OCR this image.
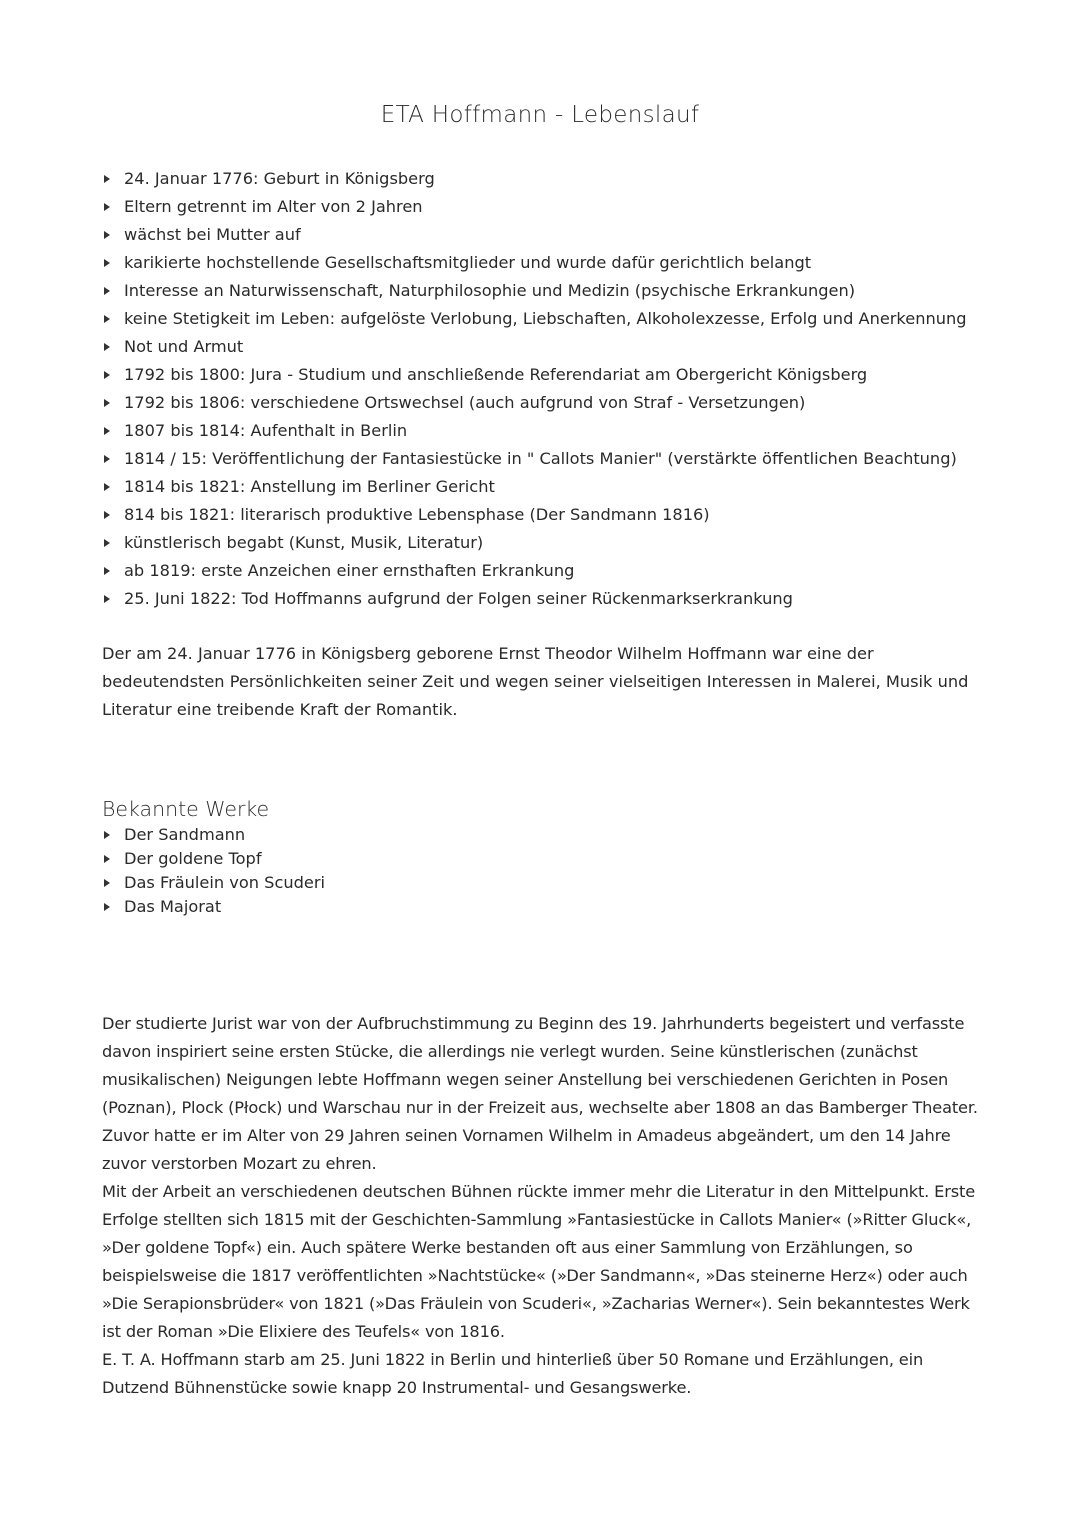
ETA Hoffmann - Lebenslauf
24. Januar 1776: Geburt in Königsberg
Eltern getrennt im Alter von 2 Jahren
wächst bei Mutter auf
karikierte hochstellende Gesellschaftsmitglieder und wurde dafür gerichtlich belangt
Interesse an Naturwissenschaft, Naturphilosophie und Medizin (psychische Erkrankungen)
keine Stetigkeit im Leben: aufgelöste Verlobung, Liebschaften, Alkoholexzesse, Erfolg und Anerkennung
Not und Armut
1792 bis 1800: Jura - Studium und anschließende Referendariat am Obergericht Königsberg
1792 bis 1806: verschiedene Ortswechsel (auch aufgrund von Straf - Versetzungen)
1807 bis 1814: Aufenthalt in Berlin
1814 / 15: Veröffentlichung der Fantasiestücke in " Callots Manier" (verstärkte öffentlichen Beachtung)
1814 bis 1821: Anstellung im Berliner Gericht
814 bis 1821: literarisch produktive Lebensphase (Der Sandmann 1816)
künstlerisch begabt (Kunst, Musik, Literatur)
ab 1819: erste Anzeichen einer ernsthaften Erkrankung
25. Juni 1822: Tod Hoffmanns aufgrund der Folgen seiner Rückenmarkserkrankung

Der am 24. Januar 1776 in Königsberg geborene Ernst Theodor Wilhelm Hoffmann war eine der bedeutendsten Persönlichkeiten seiner Zeit und wegen seiner vielseitigen Interessen in Malerei, Musik und Literatur eine treibende Kraft der Romantik.

Bekannte Werke
Der Sandmann
Der goldene Topf
Das Fräulein von Scuderi
Das Majorat
Der studierte Jurist war von der Aufbruchstimmung zu Beginn des 19. Jahrhunderts begeistert und verfasste davon inspiriert seine ersten Stücke, die allerdings nie verlegt wurden. Seine künstlerischen (zunächst musikalischen) Neigungen lebte Hoffmann wegen seiner Anstellung bei verschiedenen Gerichten in Posen (Poznan), Plock (Płock) und Warschau nur in der Freizeit aus, wechselte aber 1808 an das Bamberger Theater. Zuvor hatte er im Alter von 29 Jahren seinen Vornamen Wilhelm in Amadeus abgeändert, um den 14 Jahre zuvor verstorben Mozart zu ehren.
Mit der Arbeit an verschiedenen deutschen Bühnen rückte immer mehr die Literatur in den Mittelpunkt. Erste Erfolge stellten sich 1815 mit der Geschichten-Sammlung »Fantasiestücke in Callots Manier« (»Ritter Gluck«, »Der goldene Topf«) ein. Auch spätere Werke bestanden oft aus einer Sammlung von Erzählungen, so beispielsweise die 1817 veröffentlichten »Nachtstücke« (»Der Sandmann«, »Das steinerne Herz«) oder auch »Die Serapionsbrüder« von 1821 (»Das Fräulein von Scuderi«, »Zacharias Werner«). Sein bekanntestes Werk ist der Roman »Die Elixiere des Teufels« von 1816.
E. T. A. Hoffmann starb am 25. Juni 1822 in Berlin und hinterließ über 50 Romane und Erzählungen, ein Dutzend Bühnenstücke sowie knapp 20 Instrumental- und Gesangswerke.
